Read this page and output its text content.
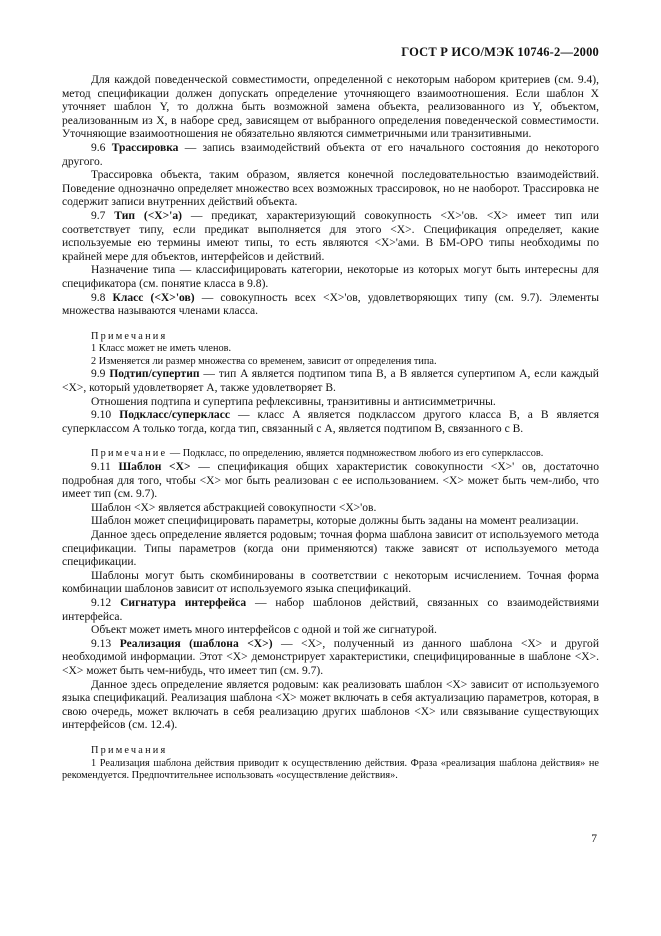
ГОСТ Р ИСО/МЭК 10746-2—2000

Для каждой поведенческой совместимости, определенной с некоторым набором критериев (см. 9.4), метод спецификации должен допускать определение уточняющего взаимоотношения. Если шаблон X уточняет шаблон Y, то должна быть возможной замена объекта, реализованного из Y, объектом, реализованным из X, в наборе сред, зависящем от выбранного определения поведенческой совместимости. Уточняющие взаимоотношения не обязательно являются симметричными или транзитивными.

9.6 Трассировка — запись взаимодействий объекта от его начального состояния до некоторого другого.

Трассировка объекта, таким образом, является конечной последовательностью взаимодействий. Поведение однозначно определяет множество всех возможных трассировок, но не наоборот. Трассировка не содержит записи внутренних действий объекта.

9.7 Тип (<X>'а) — предикат, характеризующий совокупность <X>'ов. <X> имеет тип или соответствует типу, если предикат выполняется для этого <X>. Спецификация определяет, какие используемые ею термины имеют типы, то есть являются <X>'ами. В БМ-ОРО типы необходимы по крайней мере для объектов, интерфейсов и действий.

Назначение типа — классифицировать категории, некоторые из которых могут быть интересны для спецификатора (см. понятие класса в 9.8).

9.8 Класс (<X>'ов) — совокупность всех <X>'ов, удовлетворяющих типу (см. 9.7). Элементы множества называются членами класса.

Примечания
1 Класс может не иметь членов.
2 Изменяется ли размер множества со временем, зависит от определения типа.

9.9 Подтип/супертип — тип A является подтипом типа B, а B является супертипом A, если каждый <X>, который удовлетворяет A, также удовлетворяет B.

Отношения подтипа и супертипа рефлексивны, транзитивны и антисимметричны.

9.10 Подкласс/суперкласс — класс A является подклассом другого класса B, а B является суперклассом A только тогда, когда тип, связанный с A, является подтипом B, связанного с B.

Примечание — Подкласс, по определению, является подмножеством любого из его суперклассов.

9.11 Шаблон <X> — спецификация общих характеристик совокупности <X>' ов, достаточно подробная для того, чтобы <X> мог быть реализован с ее использованием. <X> может быть чем-либо, что имеет тип (см. 9.7).

Шаблон <X> является абстракцией совокупности <X>'ов.

Шаблон может специфицировать параметры, которые должны быть заданы на момент реализации.

Данное здесь определение является родовым; точная форма шаблона зависит от используемого метода спецификации. Типы параметров (когда они применяются) также зависят от используемого метода спецификации.

Шаблоны могут быть скомбинированы в соответствии с некоторым исчислением. Точная форма комбинации шаблонов зависит от используемого языка спецификаций.

9.12 Сигнатура интерфейса — набор шаблонов действий, связанных со взаимодействиями интерфейса.

Объект может иметь много интерфейсов с одной и той же сигнатурой.

9.13 Реализация (шаблона <X>) — <X>, полученный из данного шаблона <X> и другой необходимой информации. Этот <X> демонстрирует характеристики, специфицированные в шаблоне <X>. <X> может быть чем-нибудь, что имеет тип (см. 9.7).

Данное здесь определение является родовым: как реализовать шаблон <X> зависит от используемого языка спецификаций. Реализация шаблона <X> может включать в себя актуализацию параметров, которая, в свою очередь, может включать в себя реализацию других шаблонов <X> или связывание существующих интерфейсов (см. 12.4).

Примечания
1 Реализация шаблона действия приводит к осуществлению действия. Фраза «реализация шаблона действия» не рекомендуется. Предпочтительнее использовать «осуществление действия».
7
